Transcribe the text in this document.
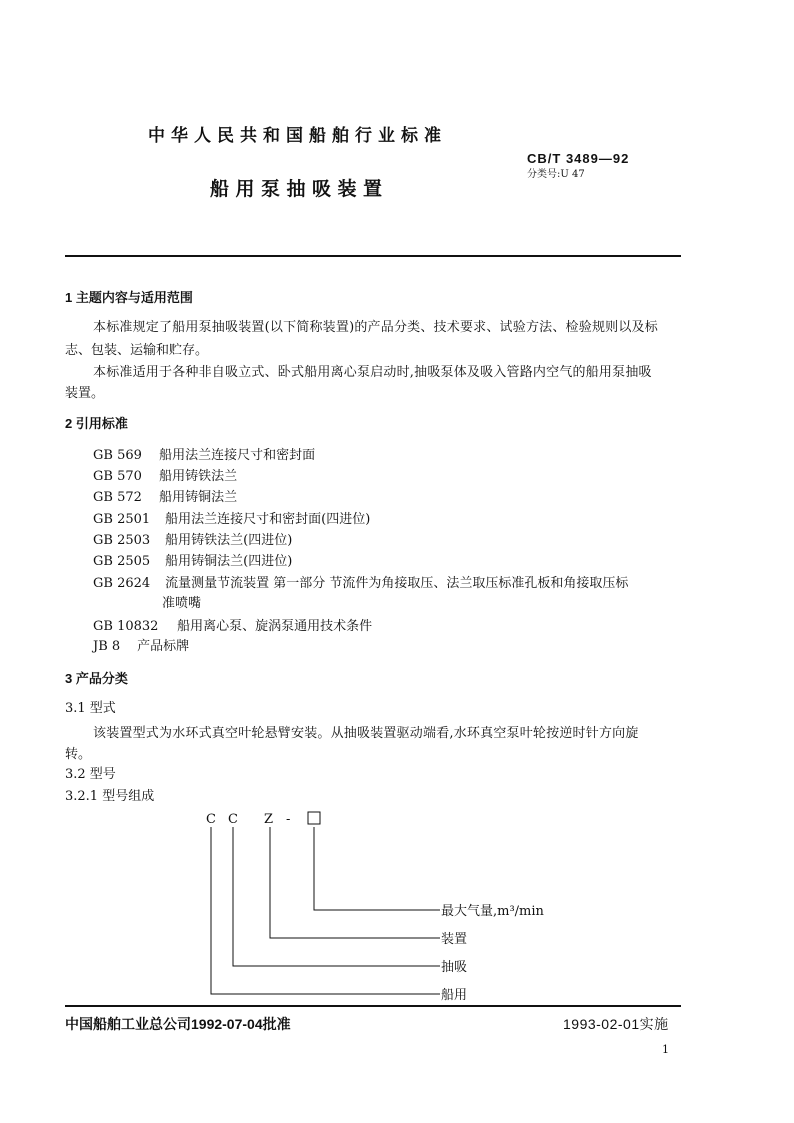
中华人民共和国船舶行业标准
CB/T 3489—92
分类号:U 47
船用泵抽吸装置
1 主题内容与适用范围
本标准规定了船用泵抽吸装置(以下简称装置)的产品分类、技术要求、试验方法、检验规则以及标
志、包装、运输和贮存。
本标准适用于各种非自吸立式、卧式船用离心泵启动时,抽吸泵体及吸入管路内空气的船用泵抽吸
装置。
2 引用标准
GB 569 船用法兰连接尺寸和密封面
GB 570 船用铸铁法兰
GB 572 船用铸铜法兰
GB 2501 船用法兰连接尺寸和密封面(四进位)
GB 2503 船用铸铁法兰(四进位)
GB 2505 船用铸铜法兰(四进位)
GB 2624 流量测量节流装置 第一部分 节流件为角接取压、法兰取压标准孔板和角接取压标
准喷嘴
GB 10832 船用离心泵、旋涡泵通用技术条件
JB 8 产品标牌
3 产品分类
3.1 型式
该装置型式为水环式真空叶轮悬臂安装。从抽吸装置驱动端看,水环真空泵叶轮按逆时针方向旋
转。
3.2 型号
3.2.1 型号组成
C C Z -
最大气量,m³/min
装置
抽吸
船用
中国船舶工业总公司1992-07-04批准	1993-02-01实施
1
